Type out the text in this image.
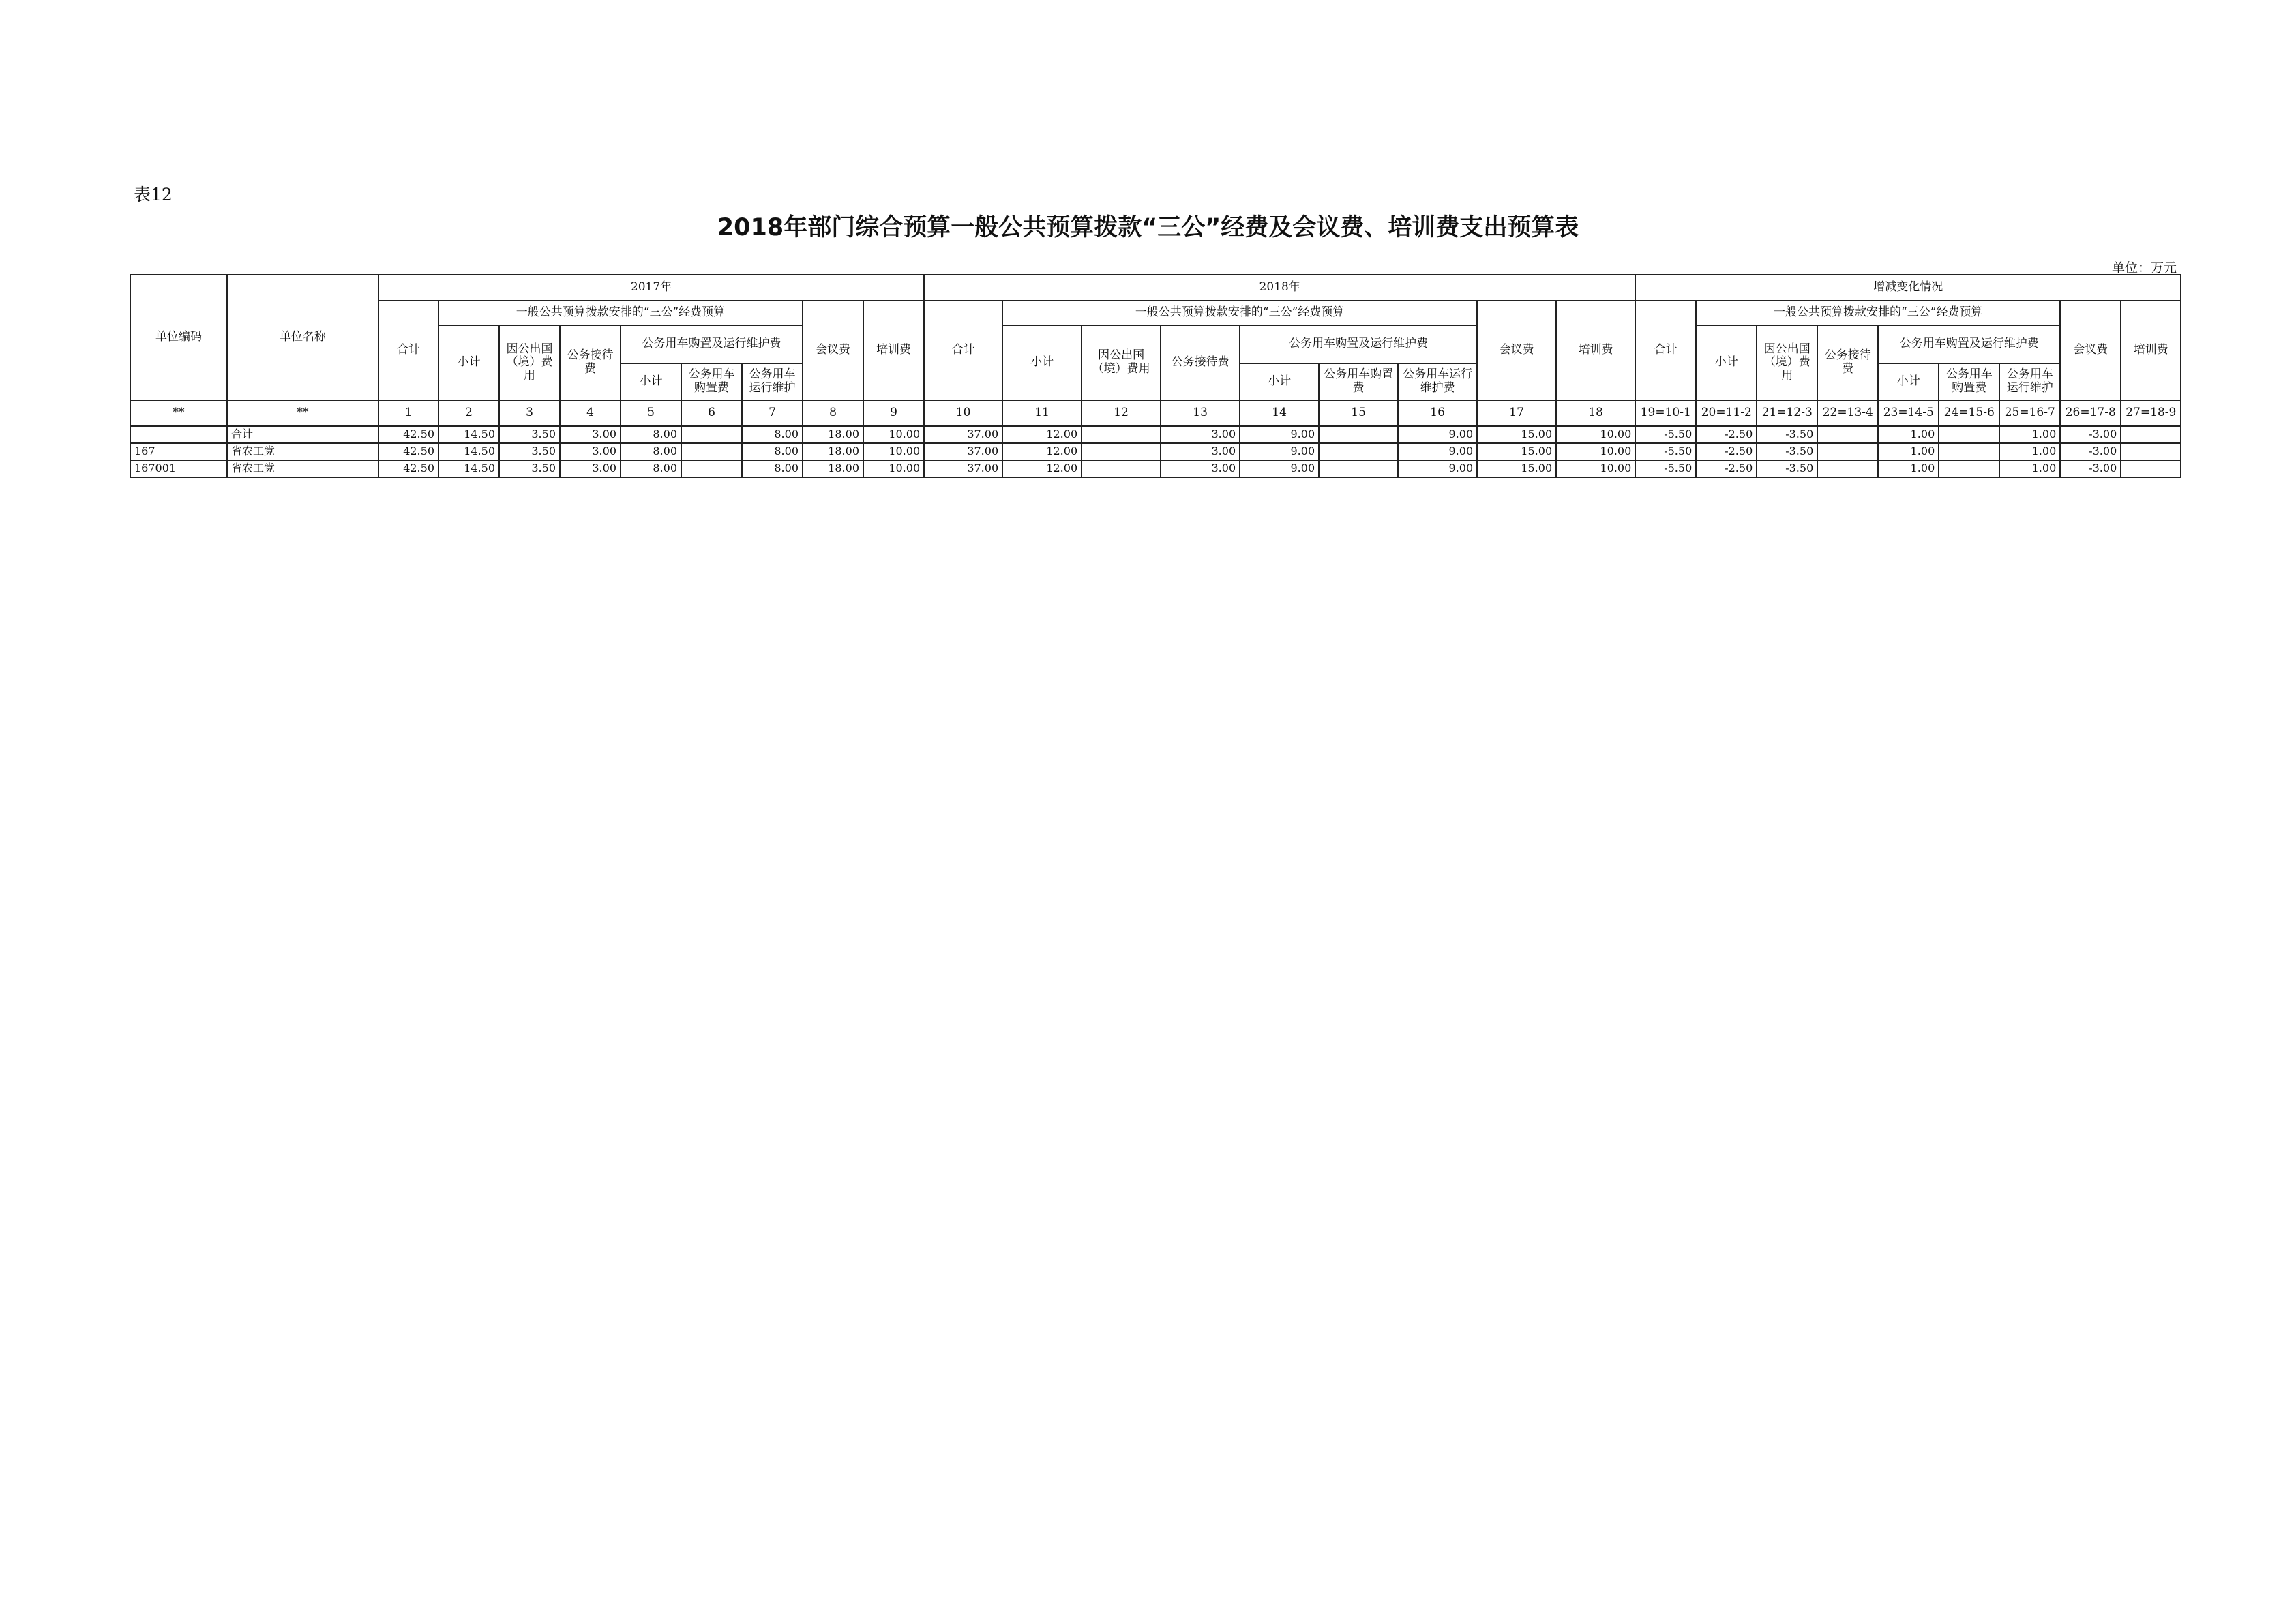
表12
2018年部门综合预算一般公共预算拨款“三公”经费及会议费、培训费支出预算表
单位：万元
单位编码	单位名称	2017年									2018年									增减变化情况								
		合计	一般公共预算拨款安排的“三公”经费预算						会议费	培训费	合计	一般公共预算拨款安排的“三公”经费预算						会议费	培训费	合计	一般公共预算拨款安排的“三公”经费预算						会议费	培训费
			小计	因公出国（境）费用	公务接待费	公务用车购置及运行维护费						小计	因公出国（境）费用	公务接待费	公务用车购置及运行维护费						小计	因公出国（境）费用	公务接待费	公务用车购置及运行维护费				
						小计	公务用车购置费	公务用车运行维护							小计	公务用车购置费	公务用车运行维护费							小计	公务用车购置费	公务用车运行维护		
**	**	1	2	3	4	5	6	7	8	9	10	11	12	13	14	15	16	17	18	19=10-1	20=11-2	21=12-3	22=13-4	23=14-5	24=15-6	25=16-7	26=17-8	27=18-9
	合计	42.50	14.50	3.50	3.00	8.00		8.00	18.00	10.00	37.00	12.00		3.00	9.00		9.00	15.00	10.00	-5.50	-2.50	-3.50		1.00		1.00	-3.00	
167	省农工党	42.50	14.50	3.50	3.00	8.00		8.00	18.00	10.00	37.00	12.00		3.00	9.00		9.00	15.00	10.00	-5.50	-2.50	-3.50		1.00		1.00	-3.00	
167001	省农工党	42.50	14.50	3.50	3.00	8.00		8.00	18.00	10.00	37.00	12.00		3.00	9.00		9.00	15.00	10.00	-5.50	-2.50	-3.50		1.00		1.00	-3.00	
